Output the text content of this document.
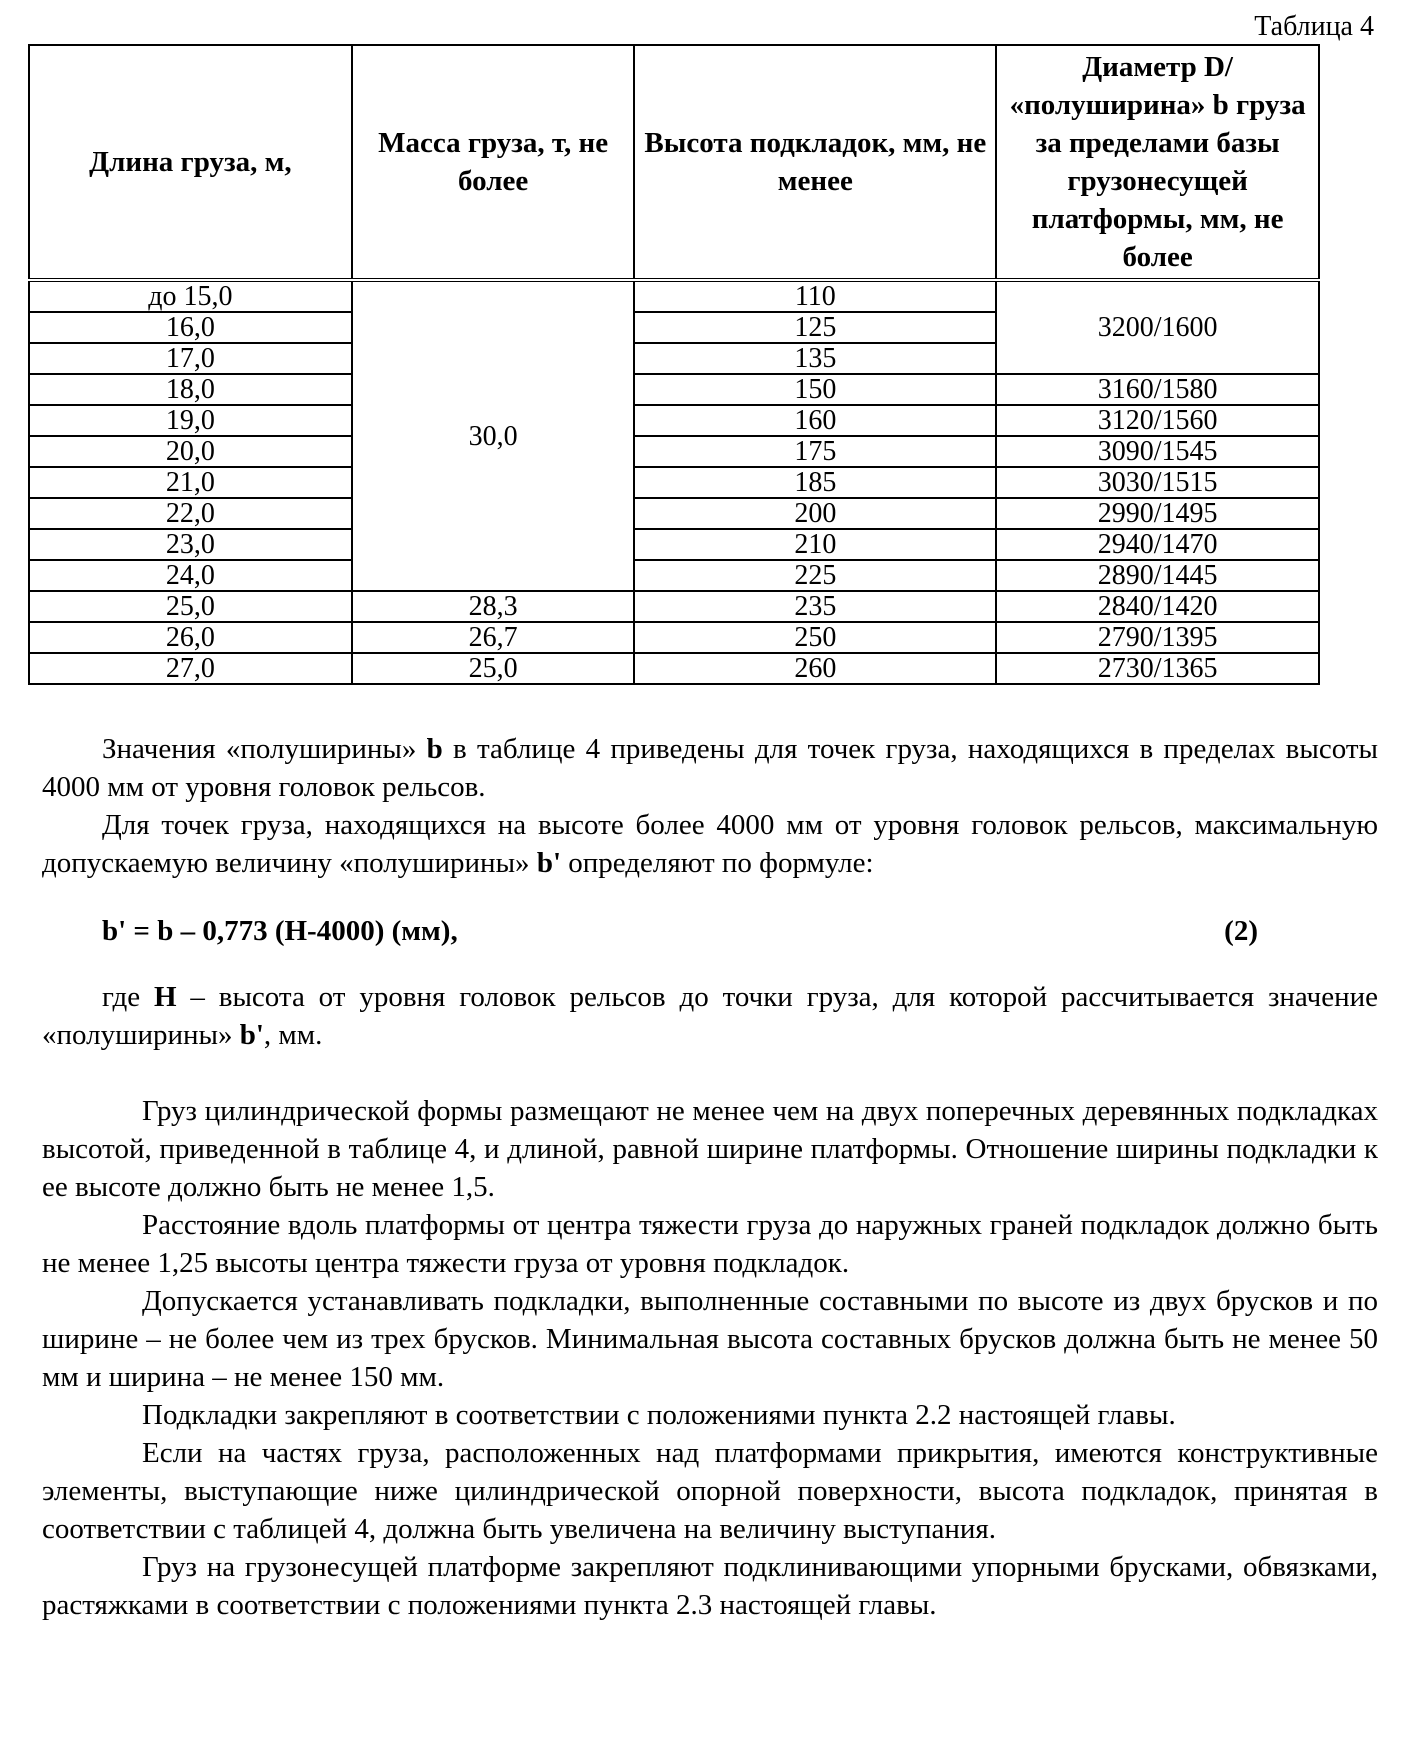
Таблица 4
Длина груза, м,	Масса груза, т, не более	Высота подкладок, мм, не менее	Диаметр D/ «полуширина» b груза за пределами базы грузонесущей платформы, мм, не более
до 15,0	30,0	110	3200/1600
16,0		125	
17,0		135	
18,0		150	3160/1580
19,0		160	3120/1560
20,0		175	3090/1545
21,0		185	3030/1515
22,0		200	2990/1495
23,0		210	2940/1470
24,0		225	2890/1445
25,0	28,3	235	2840/1420
26,0	26,7	250	2790/1395
27,0	25,0	260	2730/1365

Значения «полуширины» b в таблице 4 приведены для точек груза, находящихся в пределах высоты 4000 мм от уровня головок рельсов.

Для точек груза, находящихся на высоте более 4000 мм от уровня головок рельсов, максимальную допускаемую величину «полуширины» b' определяют по формуле:

b' = b – 0,773 (H-4000) (мм),	(2)

где H – высота от уровня головок рельсов до точки груза, для которой рассчитывается значение «полуширины» b', мм.

Груз цилиндрической формы размещают не менее чем на двух поперечных деревянных подкладках высотой, приведенной в таблице 4, и длиной, равной ширине платформы. Отношение ширины подкладки к ее высоте должно быть не менее 1,5.

Расстояние вдоль платформы от центра тяжести груза до наружных граней подкладок должно быть не менее 1,25 высоты центра тяжести груза от уровня подкладок.

Допускается устанавливать подкладки, выполненные составными по высоте из двух брусков и по ширине – не более чем из трех брусков. Минимальная высота составных брусков должна быть не менее 50 мм и ширина – не менее 150 мм.

Подкладки закрепляют в соответствии с положениями пункта 2.2 настоящей главы.

Если на частях груза, расположенных над платформами прикрытия, имеются конструктивные элементы, выступающие ниже цилиндрической опорной поверхности, высота подкладок, принятая в соответствии с таблицей 4, должна быть увеличена на величину выступания.

Груз на грузонесущей платформе закрепляют подклинивающими упорными брусками, обвязками, растяжками в соответствии с положениями пункта 2.3 настоящей главы.
